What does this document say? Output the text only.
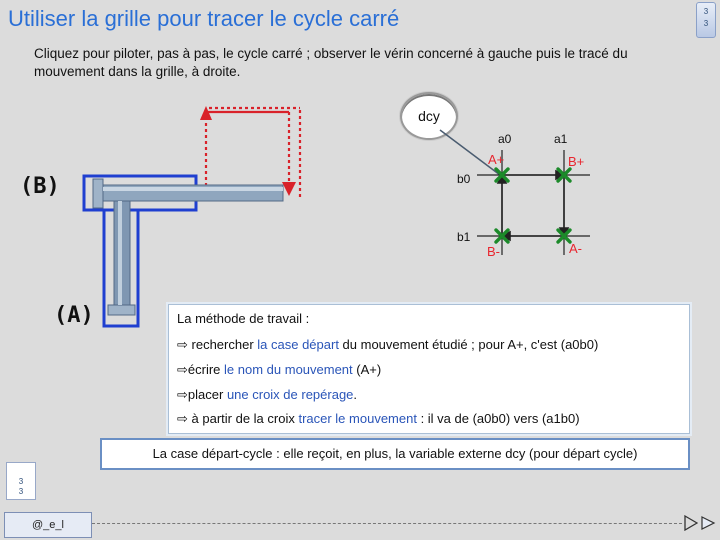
Utiliser la grille pour tracer le cycle carré	3
3
Cliquez pour piloter, pas à pas, le cycle carré ; observer le vérin concerné à gauche puis le tracé du mouvement dans la grille, à droite.
dcy
(B)
(A)
a0	a1
b0
b1
A+	B+
B-	A-
La méthode de travail :
⇨ rechercher la case départ du mouvement étudié ; pour A+, c'est (a0b0)
⇨écrire le nom du mouvement (A+)
⇨placer une croix de repérage.
⇨ à partir de la croix tracer le mouvement : il va de (a0b0) vers (a1b0)
La case départ-cycle : elle reçoit, en plus, la variable externe dcy (pour départ cycle)
3
3
@_e_l
